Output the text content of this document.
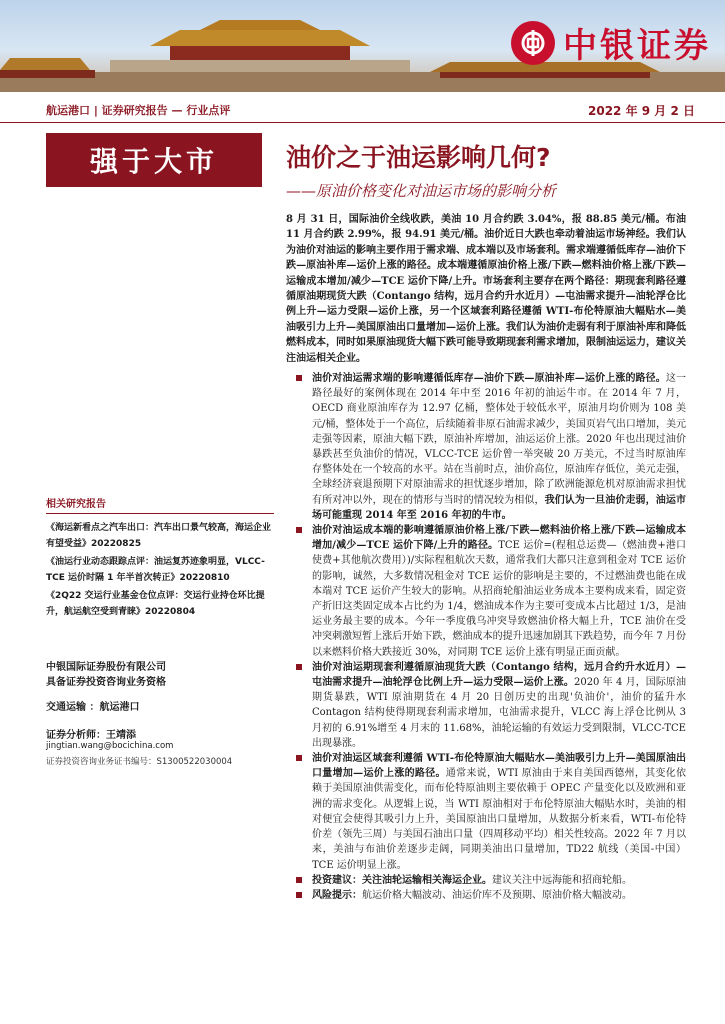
中银证券
航运港口 | 证券研究报告 — 行业点评	2022 年 9 月 2 日
强于大市	油价之于油运影响几何?
——原油价格变化对油运市场的影响分析
8 月 31 日，国际油价全线收跌，美油 10 月合约跌 3.04%，报 88.85 美元/桶。布油 11 月合约跌 2.99%，报 94.91 美元/桶。油价近日大跌也牵动着油运市场神经。我们认为油价对油运的影响主要作用于需求端、成本端以及市场套利。需求端遵循低库存—油价下跌—原油补库—运价上涨的路径。成本端遵循原油价格上涨/下跌—燃料油价格上涨/下跌—运输成本增加/减少—TCE 运价下降/上升。市场套利主要存在两个路径：期现套利路径遵循原油期现货大跌（Contango 结构，远月合约升水近月）—屯油需求提升—油轮浮仓比例上升—运力受限—运价上涨，另一个区域套利路径遵循 WTI-布伦特原油大幅贴水—美油吸引力上升—美国原油出口量增加—运价上涨。我们认为油价走弱有利于原油补库和降低燃料成本，同时如果原油现货大幅下跌可能导致期现套利需求增加，限制油运运力，建议关注油运相关企业。
油价对油运需求端的影响遵循低库存—油价下跌—原油补库—运价上涨的路径。这一路径最好的案例体现在 2014 年中至 2016 年初的油运牛市。在 2014 年 7 月，OECD 商业原油库存为 12.97 亿桶，整体处于较低水平，原油月均价则为 108 美元/桶，整体处于一个高位，后续随着非原石油需求减少，美国页岩气出口增加，美元走强等因素，原油大幅下跌，原油补库增加，油运运价上涨。2020 年也出现过油价暴跌甚至负油价的情况，VLCC-TCE 运价曾一举突破 20 万美元，不过当时原油库存整体处在一个较高的水平。站在当前时点，油价高位，原油库存低位，美元走强，全球经济衰退预期下对原油需求的担忧逐步增加，除了欧洲能源危机对原油需求担忧有所对冲以外，现在的情形与当时的情况较为相似，我们认为一旦油价走弱，油运市场可能重现 2014 年至 2016 年初的牛市。
油价对油运成本端的影响遵循原油价格上涨/下跌—燃料油价格上涨/下跌—运输成本增加/减少—TCE 运价下降/上升的路径。TCE 运价=(程租总运费—（燃油费+港口使费+其他航次费用）)/实际程租航次天数，通常我们大都只注意到租金对 TCE 运价的影响，诚然，大多数情况租金对 TCE 运价的影响是主要的，不过燃油费也能在成本端对 TCE 运价产生较大的影响。从招商轮船油运业务成本主要构成来看，固定资产折旧这类固定成本占比约为 1/4，燃油成本作为主要可变成本占比超过 1/3，是油运业务最主要的成本。今年一季度俄乌冲突导致燃油价格大幅上升，TCE 油价在受冲突刺激短暂上涨后开始下跌，燃油成本的提升迅速加剧其下跌趋势，而今年 7 月份以来燃料价格大跌接近 30%，对同期 TCE 运价上涨有明显正面贡献。
油价对油运期现套利遵循原油现货大跌（Contango 结构，远月合约升水近月）—屯油需求提升—油轮浮仓比例上升—运力受限—运价上涨。2020 年 4 月，国际原油期货暴跌，WTI 原油期货在 4 月 20 日创历史的出现'负油价'，油价的猛升水 Contagon 结构使得期现套利需求增加，屯油需求提升，VLCC 海上浮仓比例从 3 月初的 6.91%增至 4 月末的 11.68%，油轮运输的有效运力受到限制，VLCC-TCE 出现暴涨。
油价对油运区域套利遵循 WTI-布伦特原油大幅贴水—美油吸引力上升—美国原油出口量增加—运价上涨的路径。通常来说，WTI 原油由于来自美国西德州，其变化依赖于美国原油供需变化，而布伦特原油则主要依赖于 OPEC 产量变化以及欧洲和亚洲的需求变化。从逻辑上说，当 WTI 原油相对于布伦特原油大幅贴水时，美油的相对便宜会使得其吸引力上升，美国原油出口量增加，从数据分析来看，WTI-布伦特价差（领先三周）与美国石油出口量（四周移动平均）相关性较高。2022 年 7 月以来，美油与布油价差逐步走阔，同期美油出口量增加，TD22 航线（美国-中国）TCE 运价明显上涨。
投资建议：关注油轮运输相关海运企业。建议关注中远海能和招商轮船。
风险提示：航运价格大幅波动、油运价库不及预期、原油价格大幅波动。
相关研究报告
《海运新看点之汽车出口：汽车出口景气较高，海运企业有望受益》20220825
《油运行业动态跟踪点评：油运复苏迹象明显，VLCC-TCE 运价时隔 1 年半首次转正》20220810
《2Q22 交运行业基金仓位点评：交运行业持仓环比提升，航运航空受到青睐》20220804
中银国际证券股份有限公司
具备证券投资咨询业务资格
交通运输 ：航运港口
证券分析师：王靖添
jingtian.wang@bocichina.com
证券投资咨询业务证书编号：S1300522030004
